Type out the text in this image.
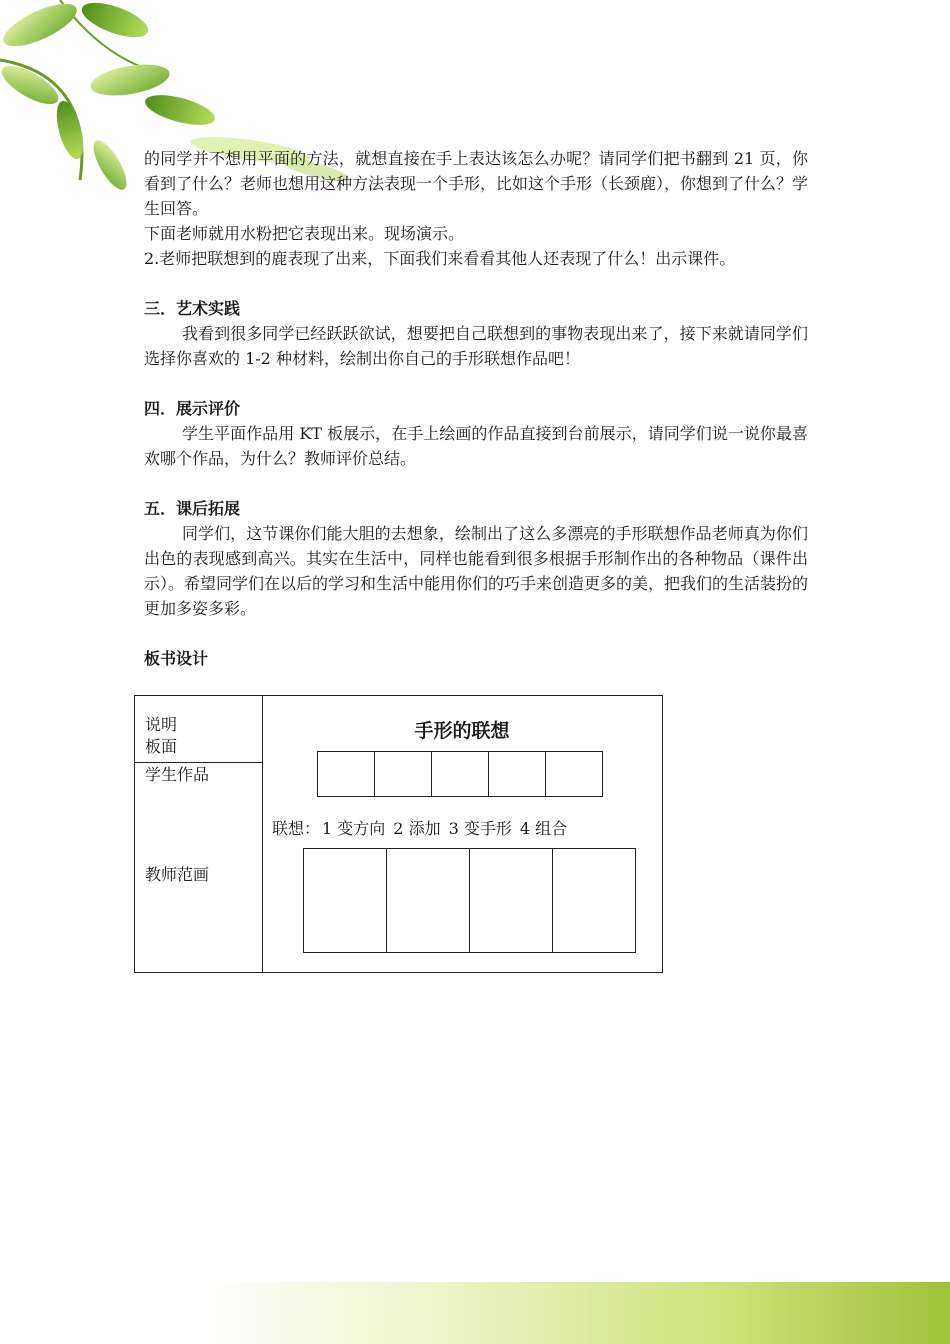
的同学并不想用平面的方法，就想直接在手上表达该怎么办呢？请同学们把书翻到 21 页，你看到了什么？老师也想用这种方法表现一个手形，比如这个手形（长颈鹿），你想到了什么？学生回答。

下面老师就用水粉把它表现出来。现场演示。

2.老师把联想到的鹿表现了出来，下面我们来看看其他人还表现了什么！出示课件。

三．艺术实践

我看到很多同学已经跃跃欲试，想要把自己联想到的事物表现出来了，接下来就请同学们选择你喜欢的 1-2 种材料，绘制出你自己的手形联想作品吧！

四．展示评价

学生平面作品用 KT 板展示，在手上绘画的作品直接到台前展示，请同学们说一说你最喜欢哪个作品，为什么？教师评价总结。

五．课后拓展

同学们，这节课你们能大胆的去想象，绘制出了这么多漂亮的手形联想作品老师真为你们出色的表现感到高兴。其实在生活中，同样也能看到很多根据手形制作出的各种物品（课件出示）。希望同学们在以后的学习和生活中能用你们的巧手来创造更多的美，把我们的生活装扮的更加多姿多彩。

板书设计

说明
板面
学生作品
教师范画
手形的联想
联想： 1 变方向 2 添加 3 变手形 4 组合
